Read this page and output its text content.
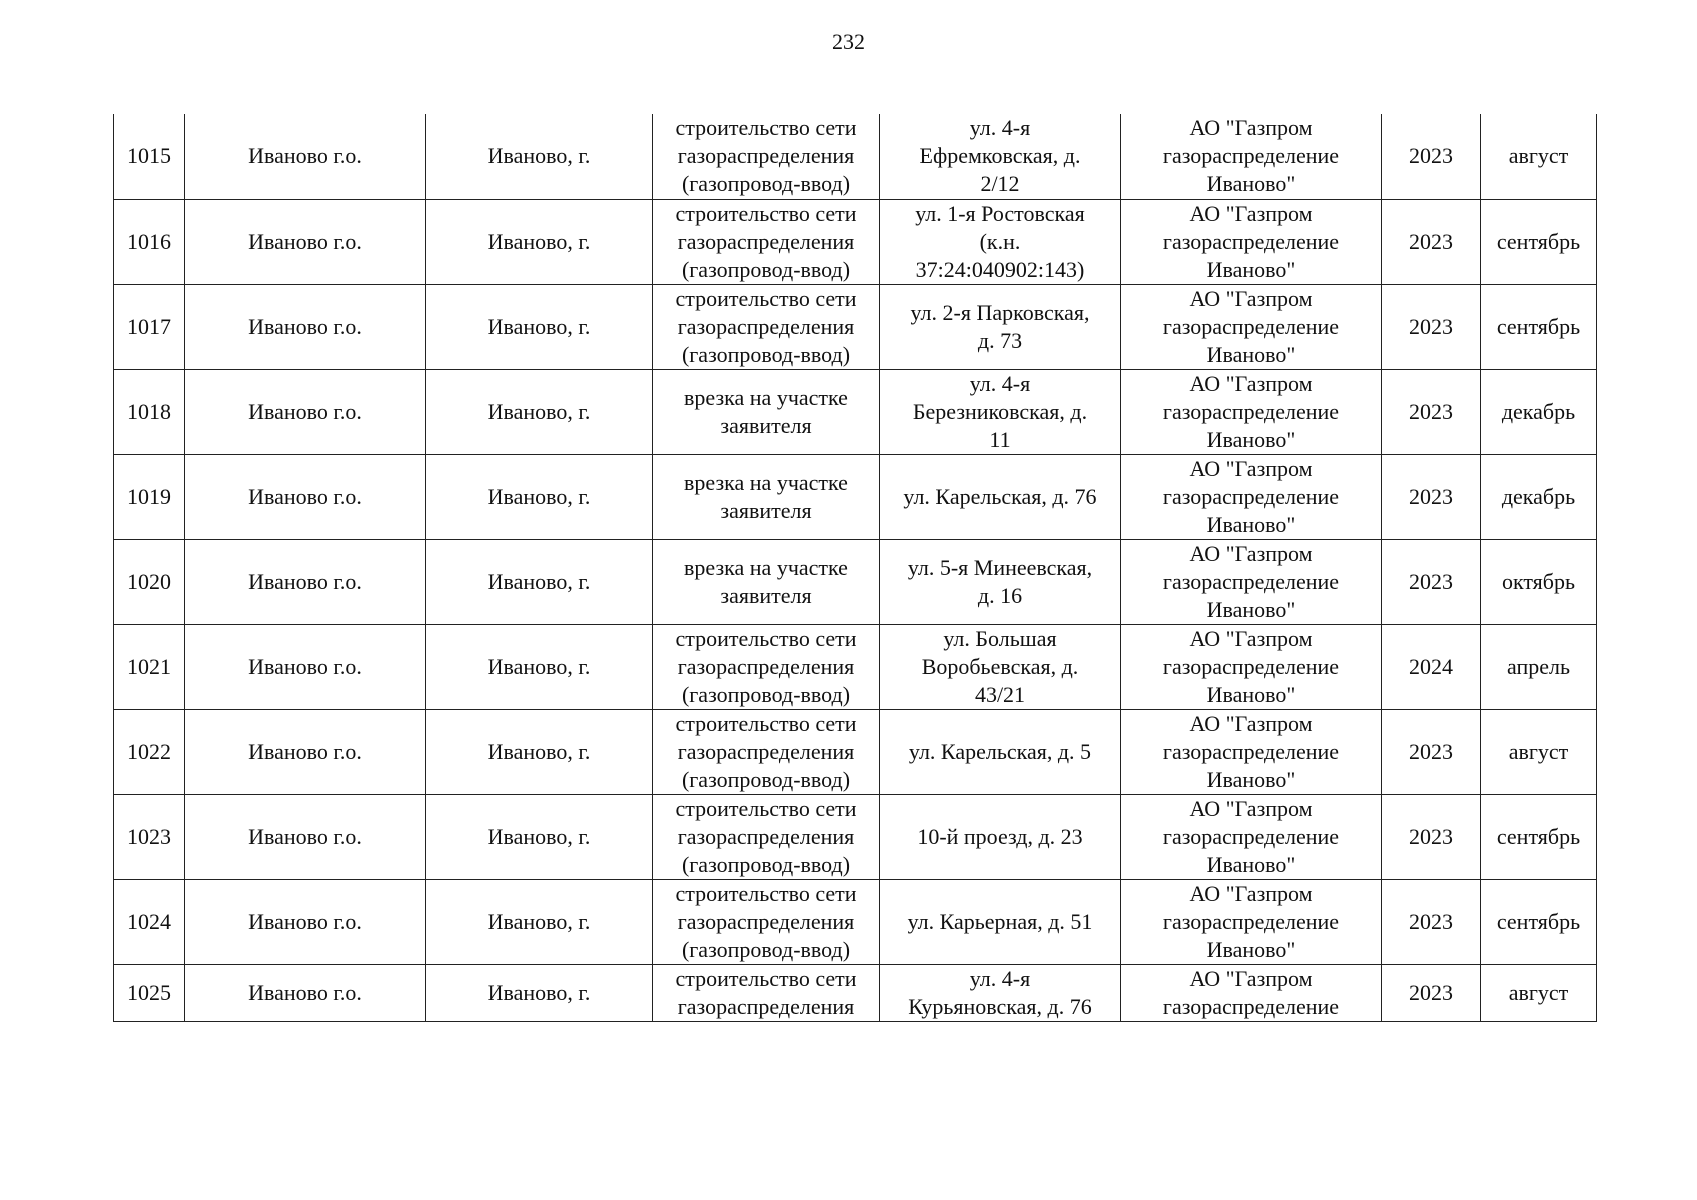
232
1015	Иваново г.о.	Иваново, г.	строительство сети
газораспределения
(газопровод-ввод)	ул. 4-я
Ефремковская, д.
2/12	АО "Газпром
газораспределение
Иваново"	2023	август
1016	Иваново г.о.	Иваново, г.	строительство сети
газораспределения
(газопровод-ввод)	ул. 1-я Ростовская
(к.н.
37:24:040902:143)	АО "Газпром
газораспределение
Иваново"	2023	сентябрь
1017	Иваново г.о.	Иваново, г.	строительство сети
газораспределения
(газопровод-ввод)	ул. 2-я Парковская,
д. 73	АО "Газпром
газораспределение
Иваново"	2023	сентябрь
1018	Иваново г.о.	Иваново, г.	врезка на участке
заявителя	ул. 4-я
Березниковская, д.
11	АО "Газпром
газораспределение
Иваново"	2023	декабрь
1019	Иваново г.о.	Иваново, г.	врезка на участке
заявителя	ул. Карельская, д. 76	АО "Газпром
газораспределение
Иваново"	2023	декабрь
1020	Иваново г.о.	Иваново, г.	врезка на участке
заявителя	ул. 5-я Минеевская,
д. 16	АО "Газпром
газораспределение
Иваново"	2023	октябрь
1021	Иваново г.о.	Иваново, г.	строительство сети
газораспределения
(газопровод-ввод)	ул. Большая
Воробьевская, д.
43/21	АО "Газпром
газораспределение
Иваново"	2024	апрель
1022	Иваново г.о.	Иваново, г.	строительство сети
газораспределения
(газопровод-ввод)	ул. Карельская, д. 5	АО "Газпром
газораспределение
Иваново"	2023	август
1023	Иваново г.о.	Иваново, г.	строительство сети
газораспределения
(газопровод-ввод)	10-й проезд, д. 23	АО "Газпром
газораспределение
Иваново"	2023	сентябрь
1024	Иваново г.о.	Иваново, г.	строительство сети
газораспределения
(газопровод-ввод)	ул. Карьерная, д. 51	АО "Газпром
газораспределение
Иваново"	2023	сентябрь
1025	Иваново г.о.	Иваново, г.	строительство сети
газораспределения	ул. 4-я
Курьяновская, д. 76	АО "Газпром
газораспределение	2023	август
